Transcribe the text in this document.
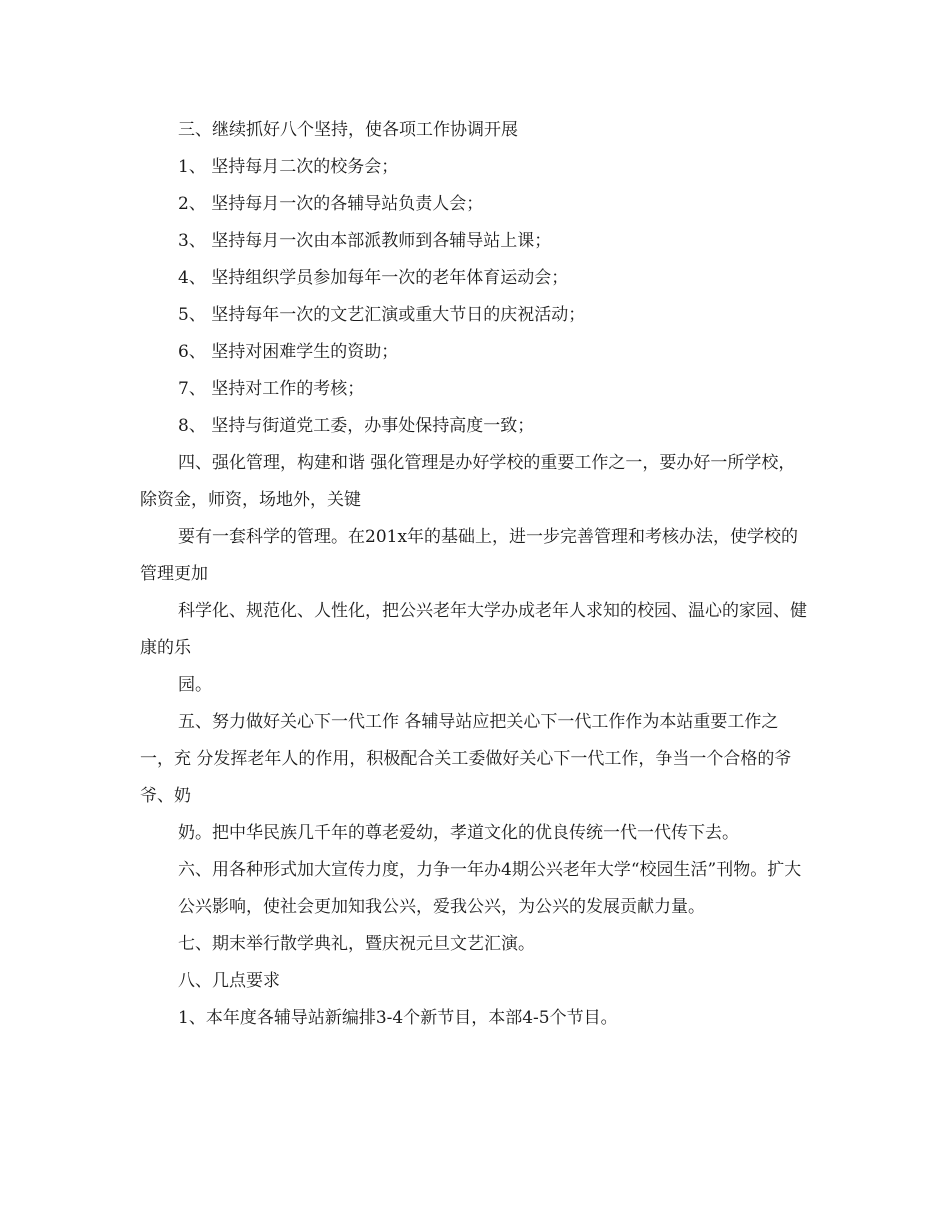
三、继续抓好八个坚持，使各项工作协调开展

1、 坚持每月二次的校务会；

2、 坚持每月一次的各辅导站负责人会；

3、 坚持每月一次由本部派教师到各辅导站上课；

4、 坚持组织学员参加每年一次的老年体育运动会；

5、 坚持每年一次的文艺汇演或重大节日的庆祝活动；

6、 坚持对困难学生的资助；

7、 坚持对工作的考核；

8、 坚持与街道党工委，办事处保持高度一致；

四、强化管理，构建和谐 强化管理是办好学校的重要工作之一，要办好一所学校，除资金，师资，场地外，关键

要有一套科学的管理。在201x年的基础上，进一步完善管理和考核办法，使学校的管理更加

科学化、规范化、人性化，把公兴老年大学办成老年人求知的校园、温心的家园、健康的乐

园。

五、努力做好关心下一代工作 各辅导站应把关心下一代工作作为本站重要工作之一，充 分发挥老年人的作用，积极配合关工委做好关心下一代工作，争当一个合格的爷爷、奶

奶。把中华民族几千年的尊老爱幼，孝道文化的优良传统一代一代传下去。

六、用各种形式加大宣传力度，力争一年办4期公兴老年大学“校园生活”刊物。扩大

公兴影响，使社会更加知我公兴，爱我公兴，为公兴的发展贡献力量。

七、期末举行散学典礼，暨庆祝元旦文艺汇演。

八、几点要求

1、本年度各辅导站新编排3-4个新节目，本部4-5个节目。
